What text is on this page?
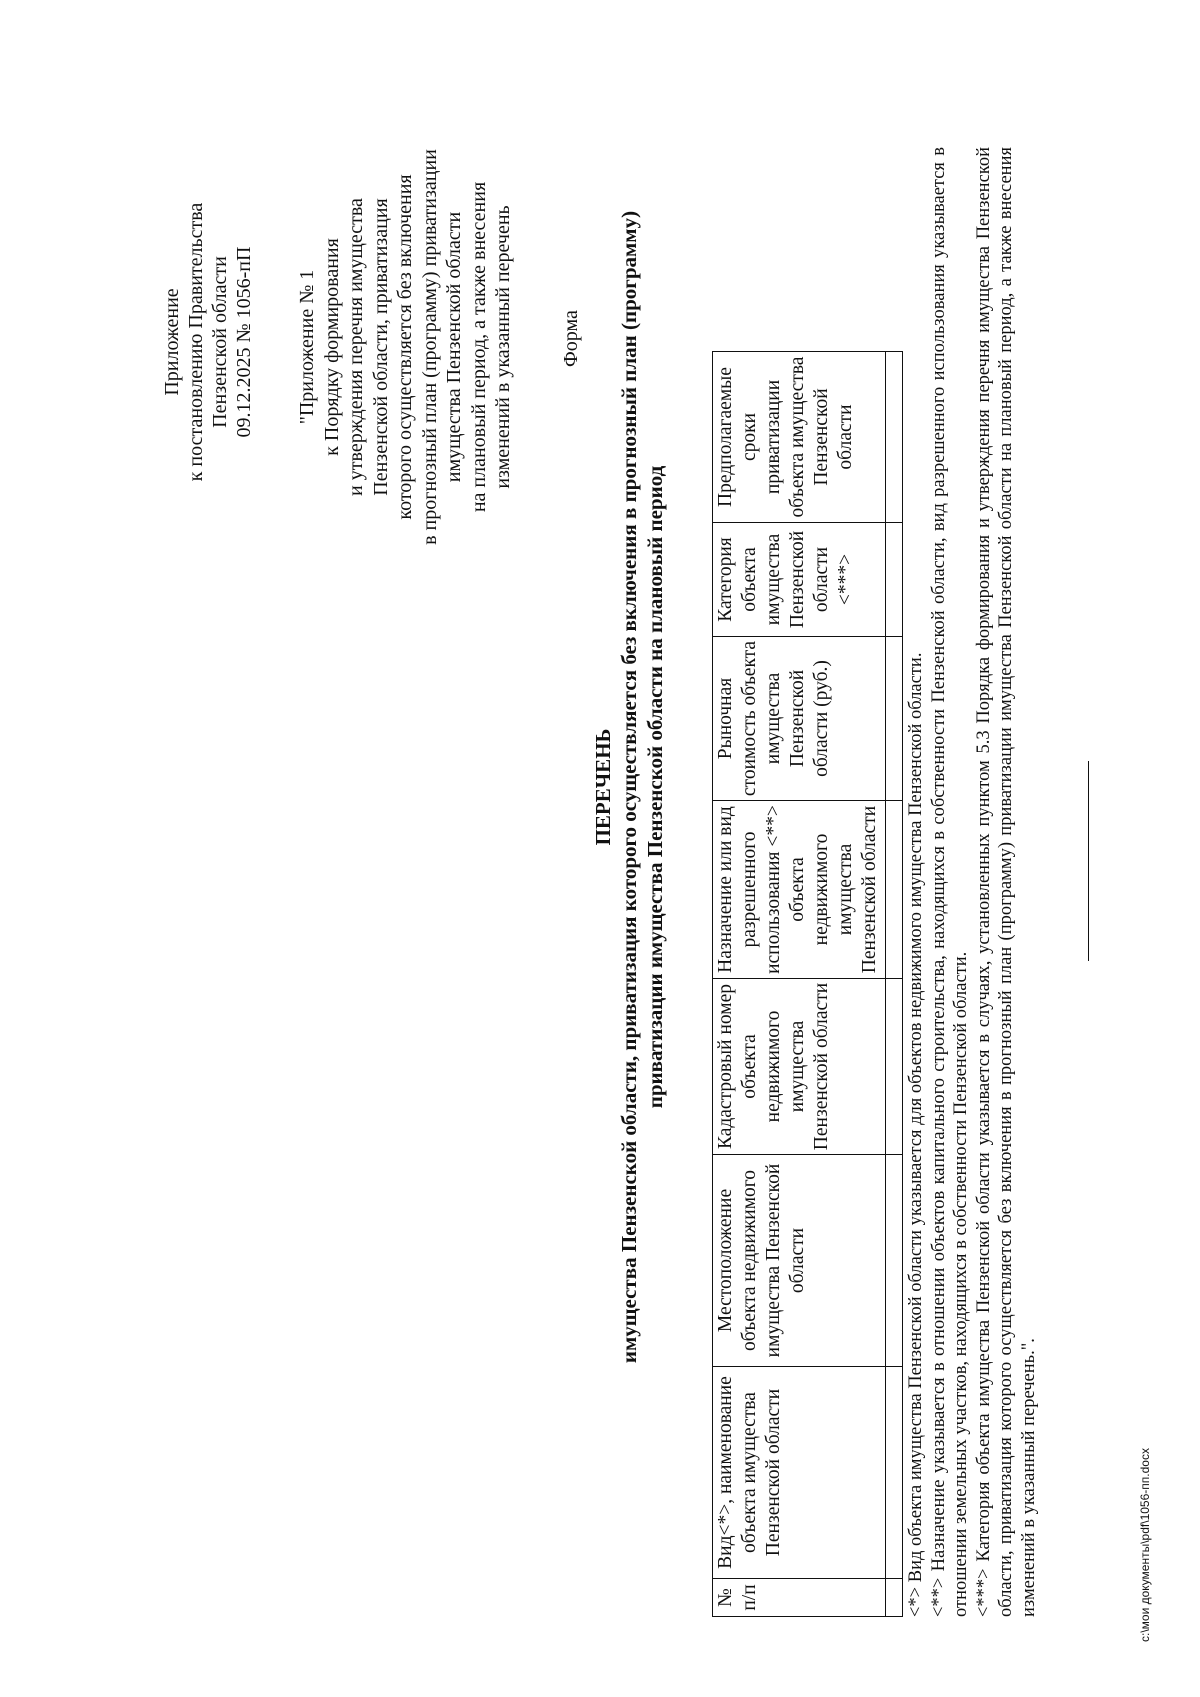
Приложение к постановлению Правительства Пензенской области 09.12.2025 № 1056-пП "Приложение № 1 к Порядку формирования и утверждения перечня имущества Пензенской области, приватизация которого осуществляется без включения в прогнозный план (программу) приватизации имущества Пензенской области на плановый период, а также внесения изменений в указанный перечень Форма
ПЕРЕЧЕНЬ имущества Пензенской области, приватизация которого осуществляется без включения в прогнозный план (программу) приватизации имущества Пензенской области на плановый период
№ п/п	Вид<*>, наименование объекта имущества Пензенской области	Местоположение объекта недвижимого имущества Пензенской области	Кадастровый номер объекта недвижимого имущества Пензенской области	Назначение или вид разрешенного использования <**> объекта недвижимого имущества Пензенской области	Рыночная стоимость объекта имущества Пензенской области (руб.)	Категория объекта имущества Пензенской области <***>	Предполагаемые сроки приватизации объекта имущества Пензенской области

<*> Вид объекта имущества Пензенской области указывается для объектов недвижимого имущества Пензенской области. <**> Назначение указывается в отношении объектов капитального строительства, находящихся в собственности Пензенской области, вид разрешенного использования указывается в отношении земельных участков, находящихся в собственности Пензенской области. <***> Категория объекта имущества Пензенской области указывается в случаях, установленных пунктом 5.3 Порядка формирования и утверждения перечня имущества Пензенской области, приватизация которого осуществляется без включения в прогнозный план (программу) приватизации имущества Пензенской области на плановый период, а также внесения изменений в указанный перечень.".	c:\мои документы\pdf\1056-пп.docx
